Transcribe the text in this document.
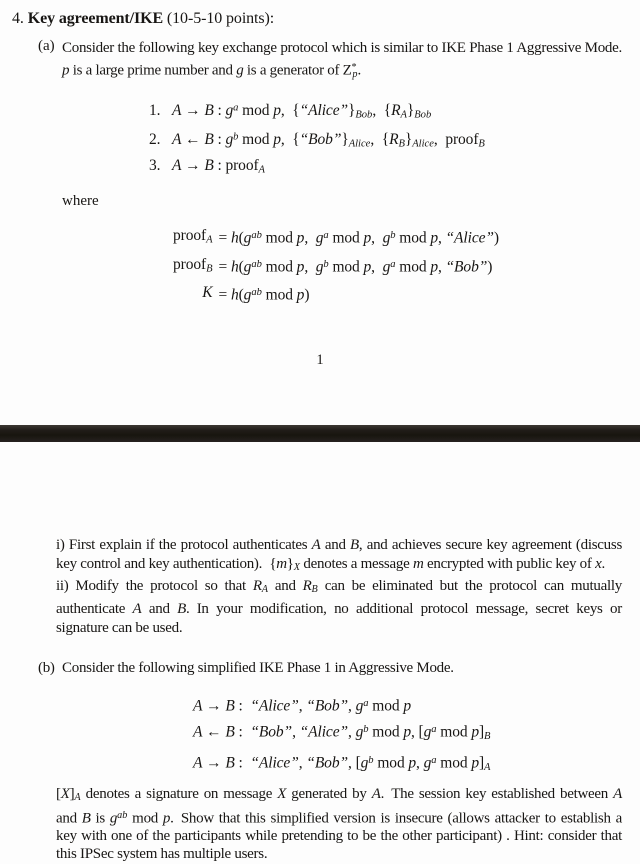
4. Key agreement/IKE (10-5-10 points):
(a) Consider the following key exchange protocol which is similar to IKE Phase 1 Aggressive Mode. p is a large prime number and g is a generator of Z*p.
1. A → B : $g^a$ mod p, {“Alice”}Bob, {RA}Bob
2. A ← B : $g^b$ mod p, {“Bob”}Alice, {RB}Alice, proofB
3. A → B : proofA
where
proofA = $h(g^{ab}$ mod p, $g^a$ mod p, $g^b$ mod p, “Alice”)
proofB = $h(g^{ab}$ mod p, $g^b$ mod p, $g^a$ mod p, “Bob”)
$K = h(g^{ab}$ mod p)
1
i) First explain if the protocol authenticates A and B, and achieves secure key agreement (discuss key control and key authentication). {m}X denotes a message m encrypted with public key of x.
ii) Modify the protocol so that RA and RB can be eliminated but the protocol can mutually authenticate A and B. In your modification, no additional protocol message, secret keys or signature can be used.
(b) Consider the following simplified IKE Phase 1 in Aggressive Mode.
A → B : “Alice”, “Bob”, $g^a$ mod p
A ← B : “Bob”, “Alice”, $g^b$ mod p, [$g^a$ mod p]B
A → B : “Alice”, “Bob”, [$g^b$ mod p, $g^a$ mod p]A
[X]A denotes a signature on message X generated by A. The session key established between A and B is $g^{ab}$ mod p. Show that this simplified version is insecure (allows attacker to establish a key with one of the participants while pretending to be the other participant) . Hint: consider that this IPSec system has multiple users.
